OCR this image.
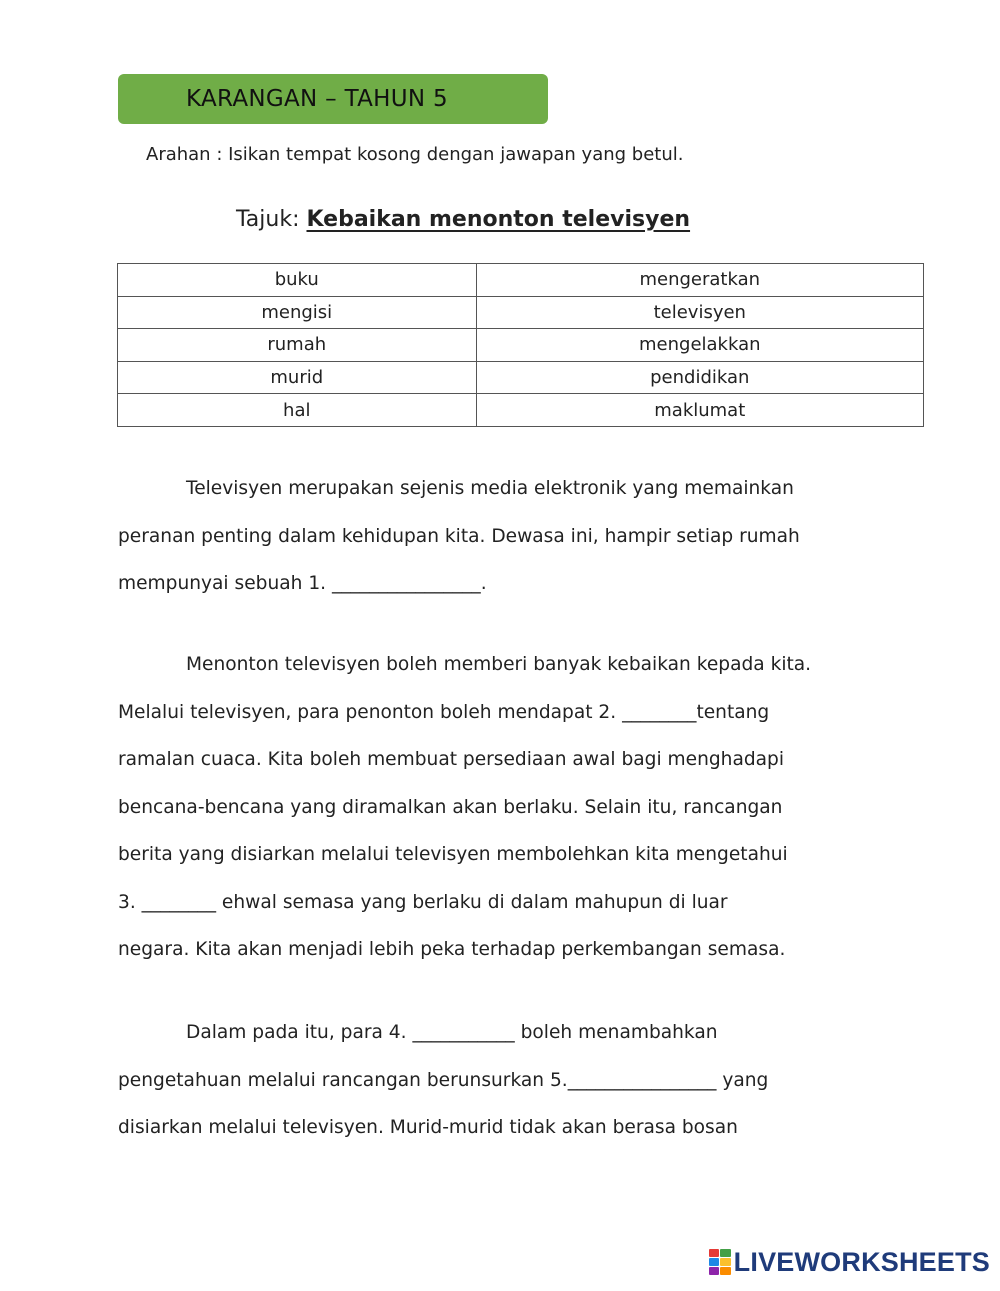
KARANGAN – TAHUN 5
Arahan : Isikan tempat kosong dengan jawapan yang betul.
Tajuk: Kebaikan menonton televisyen
buku	mengeratkan
mengisi	televisyen
rumah	mengelakkan
murid	pendidikan
hal	maklumat
Televisyen merupakan sejenis media elektronik yang memainkan
peranan penting dalam kehidupan kita. Dewasa ini, hampir setiap rumah
mempunyai sebuah 1. ________________.
Menonton televisyen boleh memberi banyak kebaikan kepada kita.
Melalui televisyen, para penonton boleh mendapat 2. ________tentang
ramalan cuaca. Kita boleh membuat persediaan awal bagi menghadapi
bencana-bencana yang diramalkan akan berlaku. Selain itu, rancangan
berita yang disiarkan melalui televisyen membolehkan kita mengetahui
3. ________ ehwal semasa yang berlaku di dalam mahupun di luar
negara. Kita akan menjadi lebih peka terhadap perkembangan semasa.
Dalam pada itu, para 4. ___________ boleh menambahkan
pengetahuan melalui rancangan berunsurkan 5.________________ yang
disiarkan melalui televisyen. Murid-murid tidak akan berasa bosan
LIVEWORKSHEETS
